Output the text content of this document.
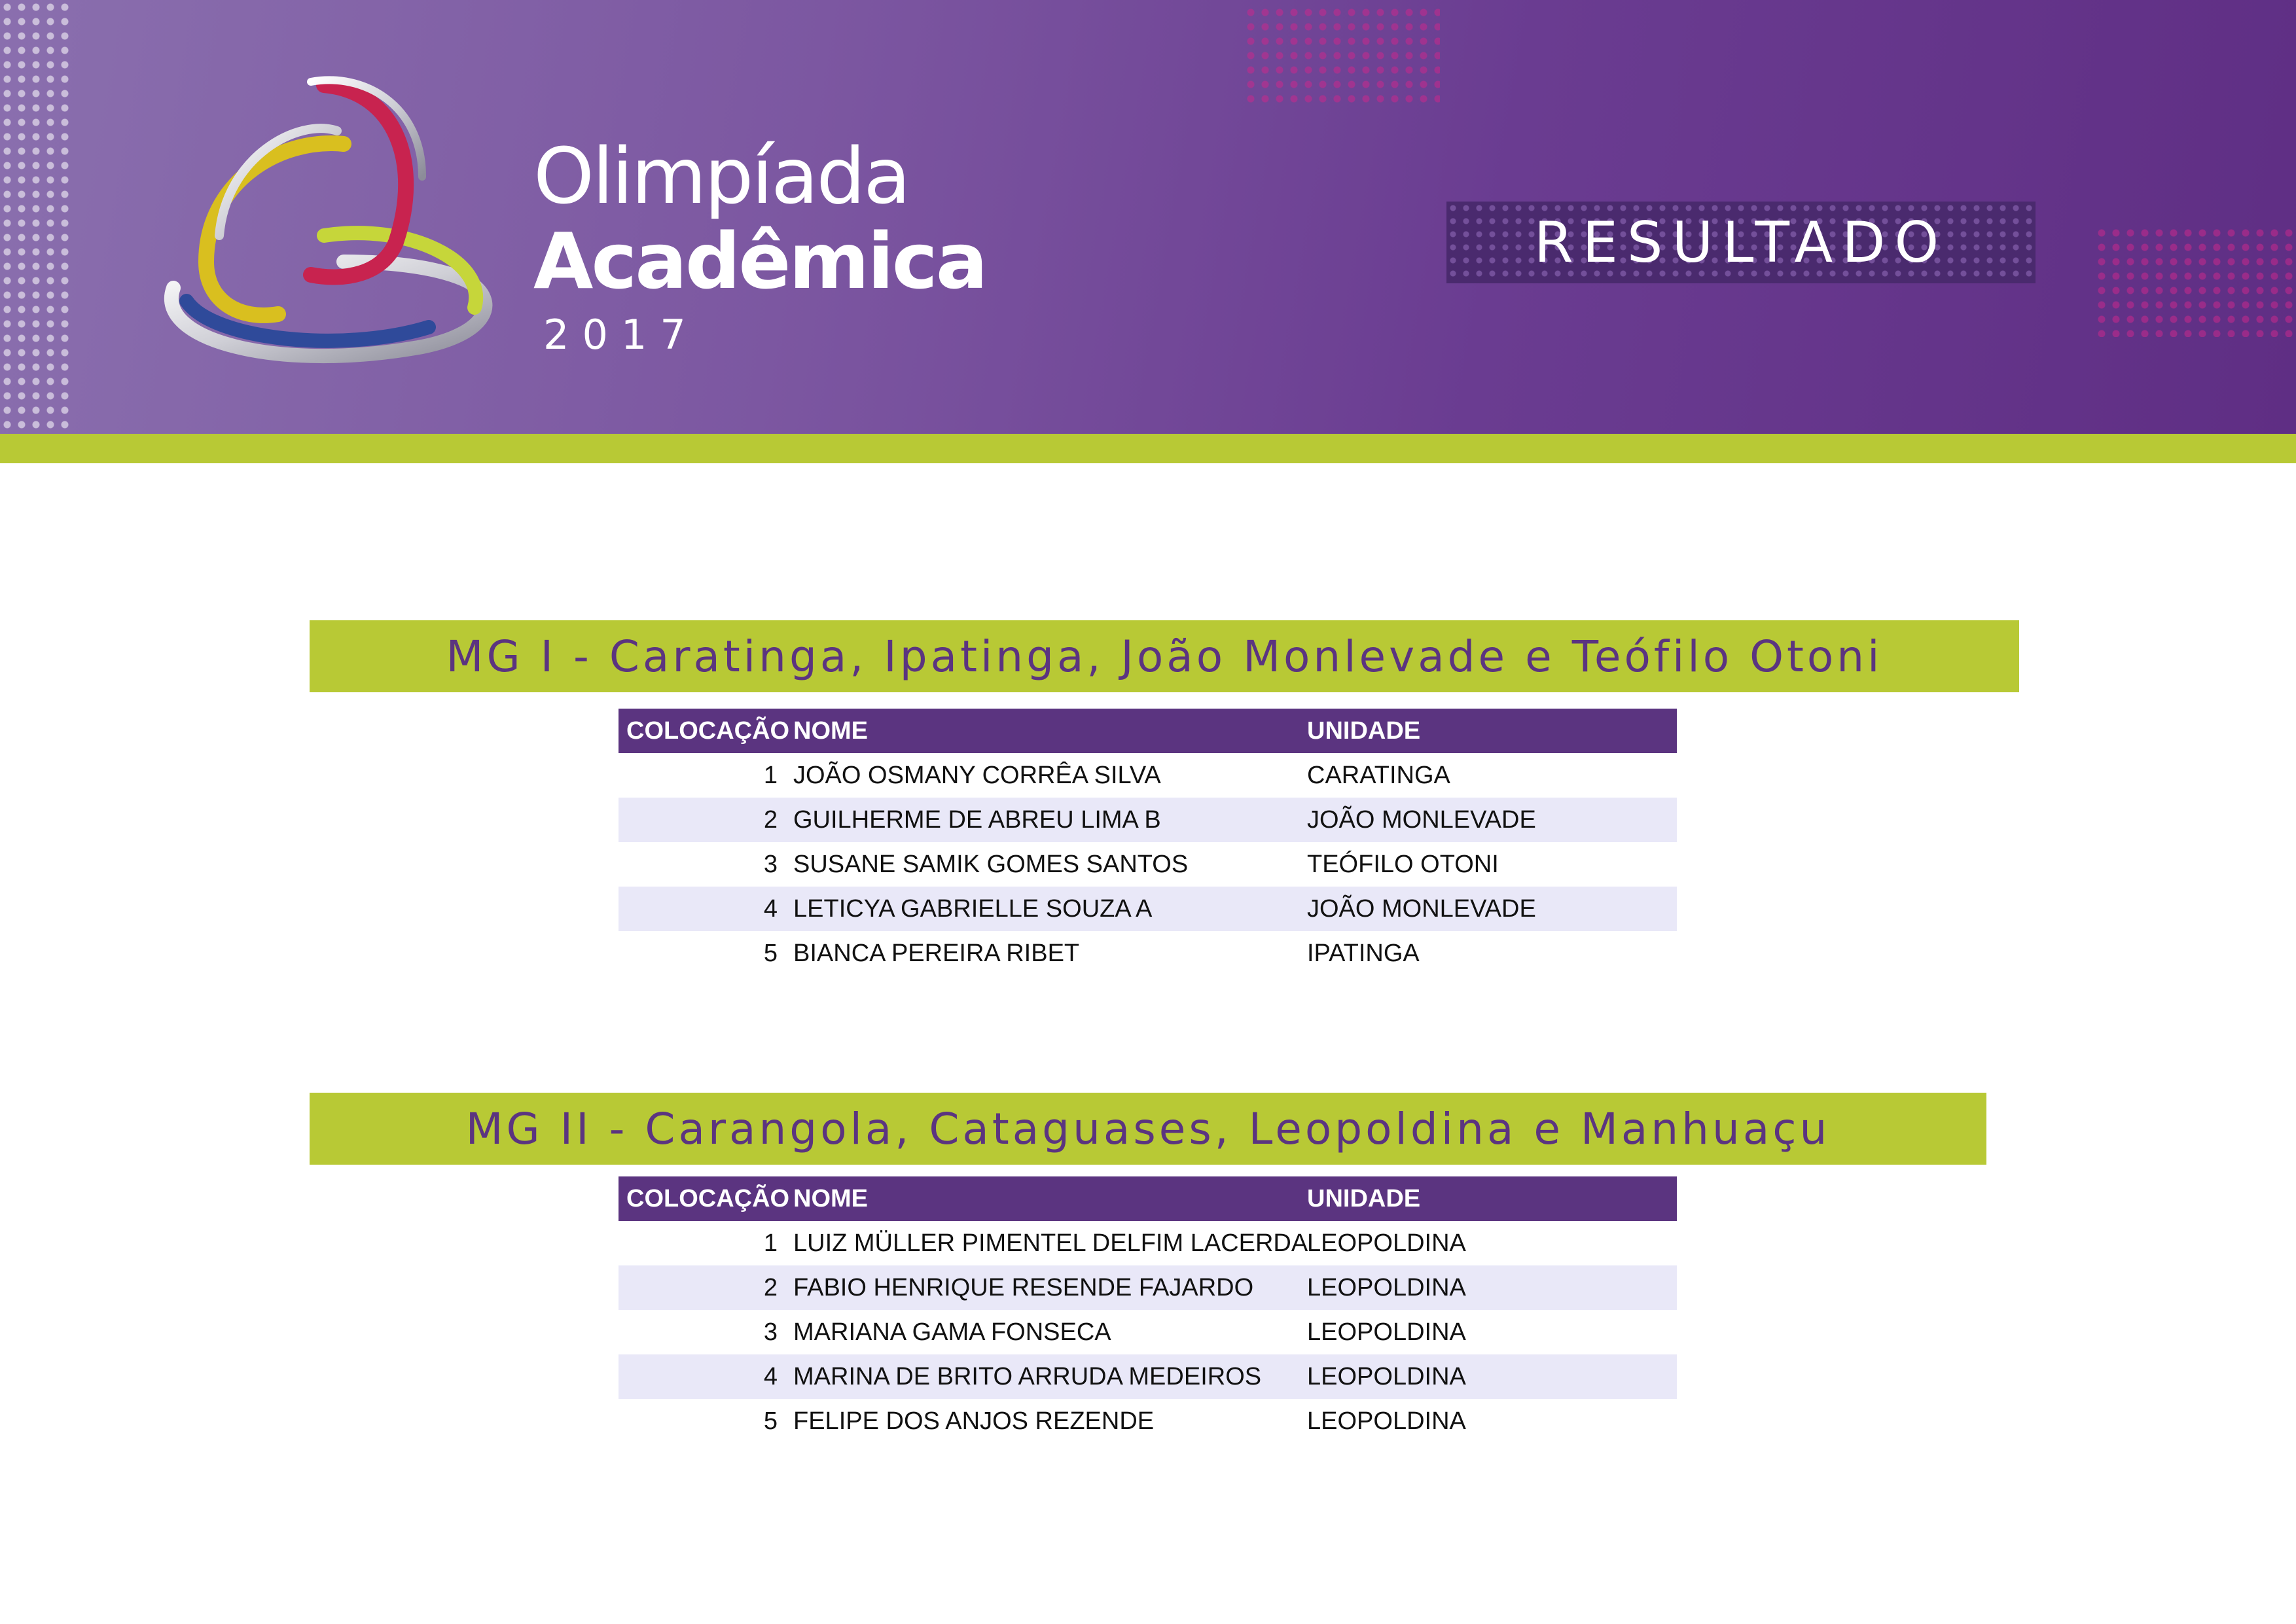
Olimpíada
Acadêmica
2017
RESULTADO
MG I - Caratinga, Ipatinga, João Monlevade e Teófilo Otoni
COLOCAÇÃO	NOME	UNIDADE
1	JOÃO OSMANY CORRÊA SILVA	CARATINGA
2	GUILHERME DE ABREU LIMA B	JOÃO MONLEVADE
3	SUSANE SAMIK GOMES SANTOS	TEÓFILO OTONI
4	LETICYA GABRIELLE SOUZA A	JOÃO MONLEVADE
5	BIANCA PEREIRA RIBET	IPATINGA
MG II - Carangola, Cataguases, Leopoldina e Manhuaçu
COLOCAÇÃO	NOME	UNIDADE
1	LUIZ MÜLLER PIMENTEL DELFIM LACERDA	LEOPOLDINA
2	FABIO HENRIQUE RESENDE FAJARDO	LEOPOLDINA
3	MARIANA GAMA FONSECA	LEOPOLDINA
4	MARINA DE BRITO ARRUDA MEDEIROS	LEOPOLDINA
5	FELIPE DOS ANJOS REZENDE	LEOPOLDINA
